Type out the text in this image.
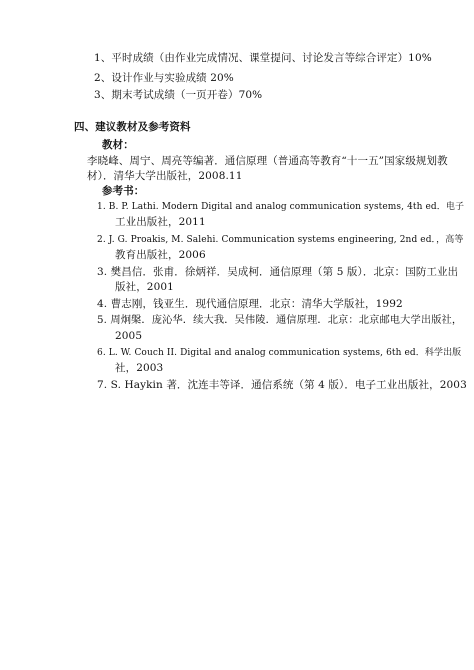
1、平时成绩（由作业完成情况、课堂提问、讨论发言等综合评定）10%
2、设计作业与实验成绩 20%
3、期末考试成绩（一页开卷）70%
四、建议教材及参考资料
教材：
李晓峰、周宁、周亮等编著．通信原理（普通高等教育“十一五”国家级规划教
材）．清华大学出版社，2008.11
参考书：
1. B. P. Lathi. Modern Digital and analog communication systems, 4th ed．电子
工业出版社，2011
2. J. G. Proakis, M. Salehi. Communication systems engineering, 2nd ed．，高等
教育出版社，2006
3. 樊昌信．张甫．徐炳祥．吴成柯．通信原理（第 5 版）．北京：国防工业出
版社，2001
4. 曹志刚，钱亚生．现代通信原理．北京：清华大学版社，1992
5. 周炯槃．庞沁华．续大我．吴伟陵．通信原理．北京：北京邮电大学出版社，
2005
6. L. W. Couch II. Digital and analog communication systems, 6th ed．科学出版
社，2003
7. S. Haykin 著．沈连丰等译．通信系统（第 4 版）．电子工业出版社，2003
